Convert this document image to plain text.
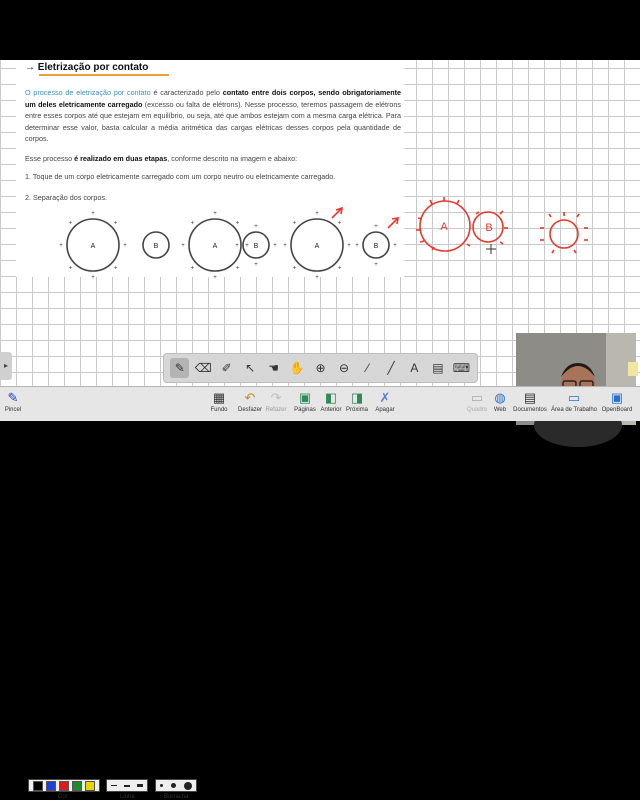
→ Eletrização por contato
O processo de eletrização por contato é caracterizado pelo contato entre dois corpos, sendo obrigatoriamente um deles eletricamente carregado (excesso ou falta de elétrons). Nesse processo, teremos passagem de elétrons entre esses corpos até que estejam em equilíbrio, ou seja, até que ambos estejam com a mesma carga elétrica. Para determinar esse valor, basta calcular a média aritmética das cargas elétricas desses corpos pela quantidade de corpos.
Esse processo é realizado em duas etapas, conforme descrito na imagem e abaixo:
1. Toque de um corpo eletricamente carregado com um corpo neutro ou eletricamente carregado.
2. Separação dos corpos.
A	B	A	B	A	B
+
+
+
+
+
+
+
+
+
+
+
+
+
+
+
+
+
+
+
+
+
+
+
+
+
+
+
+
+
+
+
+
A	B
▸	✎ ⌫ ✐	↖	☚ ✋ ⊕	⊖	⁄	╱	A	▤ ⌨
✎
Pincel
Cor	Linha	Borracha
▦
Fundo
↶
Desfazer
↷
Refazer
▣
Páginas
◧
Anterior
◨
Próxima
✗
Apagar
▭
Quadro
◍
Web
▤
Documentos
▭
Área de Trabalho
▣
OpenBoard
